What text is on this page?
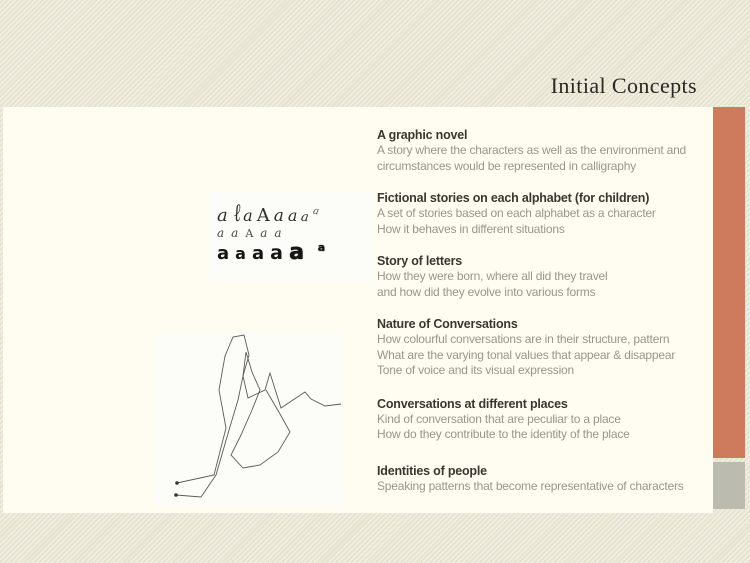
Initial Concepts
a ℓ a A a a a a
a a A a a
a a a a a a
A graphic novel
A story where the characters as well as the environment and
circumstances would be represented in calligraphy
Fictional stories on each alphabet (for children)
A set of stories based on each alphabet as a character
How it behaves in different situations
Story of letters
How they were born, where all did they travel
and how did they evolve into various forms
Nature of Conversations
How colourful conversations are in their structure, pattern
What are the varying tonal values that appear & disappear
Tone of voice and its visual expression
Conversations at different places
Kind of conversation that are peculiar to a place
How do they contribute to the identity of the place
Identities of people
Speaking patterns that become representative of characters
